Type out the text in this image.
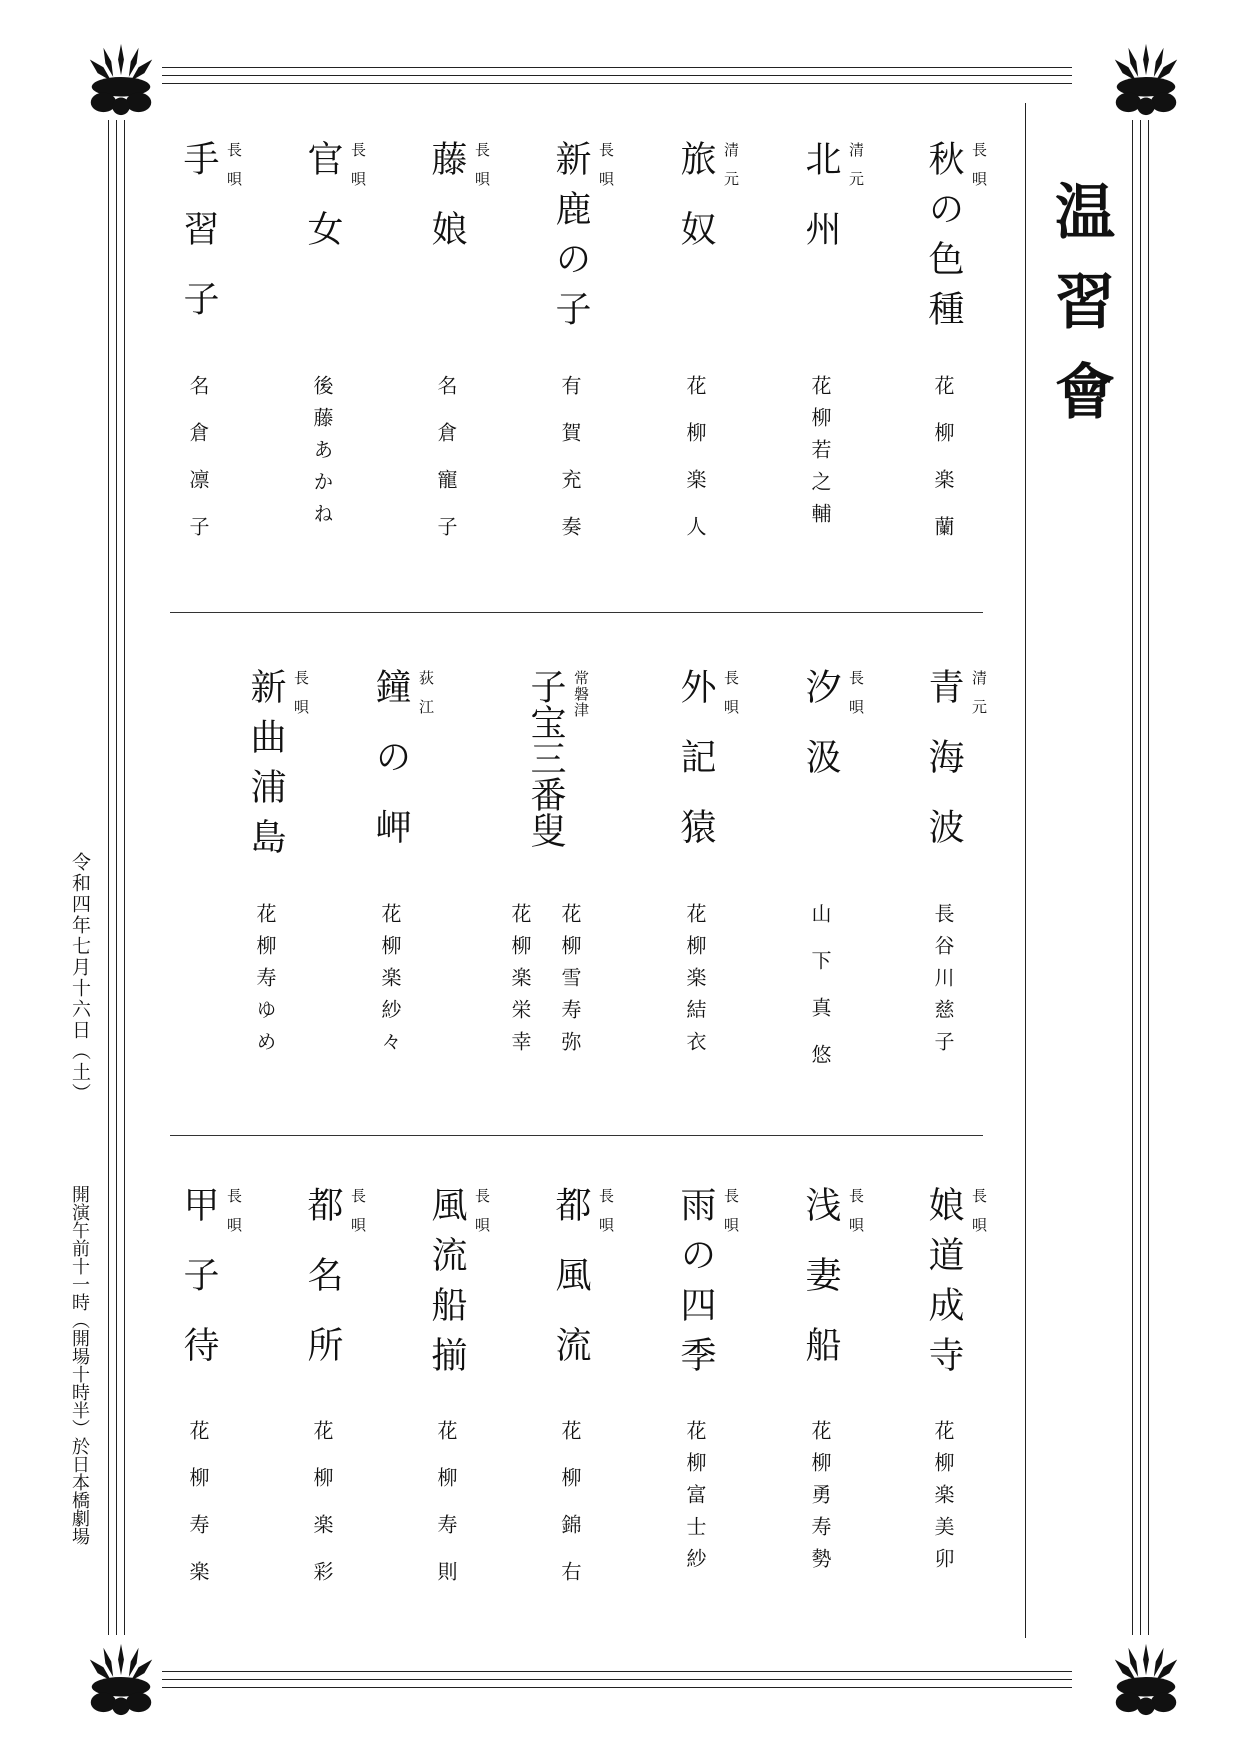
温習會
令和四年七月十六日（土）
開演午前十一時（開場十時半）於日本橋劇場
秋の色種 長唄
花柳楽蘭
北州 清元
花柳若之輔
旅奴 清元
花柳楽人
新鹿の子 長唄
有賀充奏
藤娘 長唄
名倉寵子
官女 長唄
後藤あかね
手習子 長唄
名倉凛子
青海波 清元
長谷川慈子
汐汲 長唄
山下真悠
外記猿 長唄
花柳楽結衣
子宝三番叟 常磐津
花柳雪寿弥
花柳楽栄幸
鐘の岬 荻江
花柳楽紗々
新曲浦島 長唄
花柳寿ゆめ
娘道成寺 長唄
花柳楽美卯
浅妻船 長唄
花柳勇寿勢
雨の四季 長唄
花柳富士紗
都風流 長唄
花柳錦右
風流船揃 長唄
花柳寿則
都名所 長唄
花柳楽彩
甲子待 長唄
花柳寿楽
